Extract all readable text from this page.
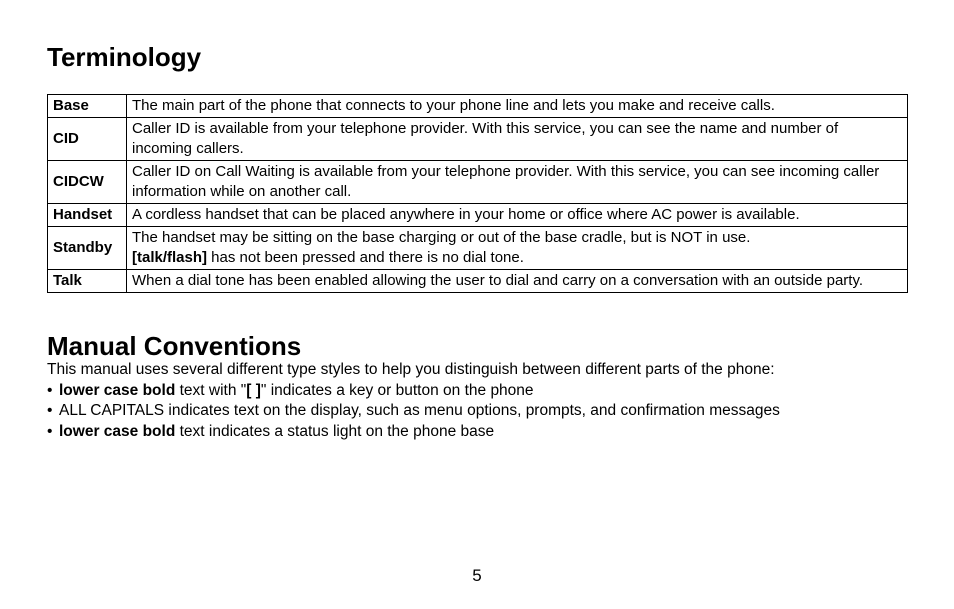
Terminology
Base	The main part of the phone that connects to your phone line and lets you make and receive calls.
CID	Caller ID is available from your telephone provider. With this service, you can see the name and number of incoming callers.
CIDCW	Caller ID on Call Waiting is available from your telephone provider. With this service, you can see incoming caller information while on another call.
Handset	A cordless handset that can be placed anywhere in your home or office where AC power is available.
Standby	The handset may be sitting on the base charging or out of the base cradle, but is NOT in use.
[talk/flash] has not been pressed and there is no dial tone.
Talk	When a dial tone has been enabled allowing the user to dial and carry on a conversation with an outside party.
Manual Conventions

This manual uses several different type styles to help you distinguish between different parts of the phone:

• lower case bold text with "[ ]" indicates a key or button on the phone
• ALL CAPITALS indicates text on the display, such as menu options, prompts, and confirmation messages
• lower case bold text indicates a status light on the phone base
5
